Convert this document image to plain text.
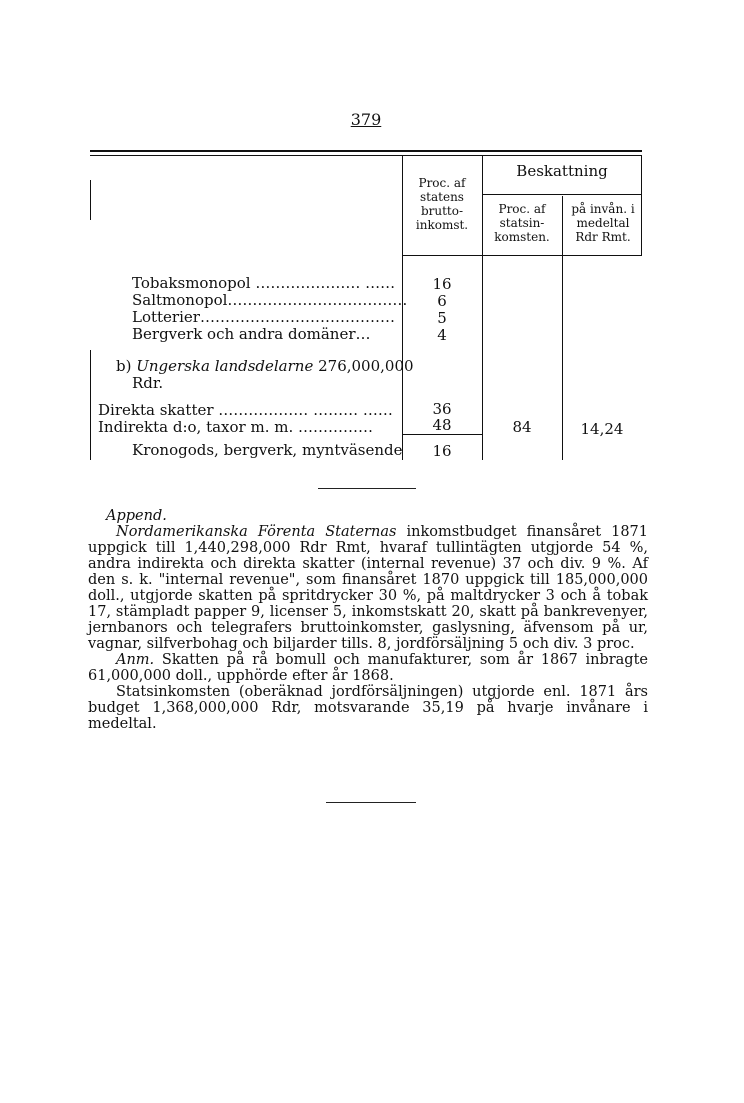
379
Proc. af statens brutto-inkomst.
Beskattning
Proc. af statsin-komsten.
på invån. i medeltal Rdr Rmt.
Tobaksmonopol ………………… ……	16
Saltmonopol………………………………	6
Lotterier…………………………………	5
Bergverk och andra domäner…	4
b) Ungerska landsdelarne 276,000,000
Rdr.
Direkta skatter ……………… ……… ……	36
Indirekta d:o, taxor m. m. ……………	48	84	14,24
Kronogods, bergverk, myntväsende	16

Append.

Nordamerikanska Förenta Staternas inkomstbudget finansåret 1871 uppgick till 1,440,298,000 Rdr Rmt, hvaraf tullintägten utgjorde 54 %, andra indirekta och direkta skatter (internal revenue) 37 och div. 9 %. Af den s. k. "internal revenue", som finansåret 1870 uppgick till 185,000,000 doll., utgjorde skatten på spritdrycker 30 %, på maltdrycker 3 och å tobak 17, stämpladt papper 9, licenser 5, inkomstskatt 20, skatt på bankrevenyer, jernbanors och telegrafers bruttoinkomster, gaslysning, äfvensom på ur, vagnar, silfverbohag och biljarder tills. 8, jordförsäljning 5 och div. 3 proc.

Anm. Skatten på rå bomull och manufakturer, som år 1867 inbragte 61,000,000 doll., upphörde efter år 1868.

Statsinkomsten (oberäknad jordförsäljningen) utgjorde enl. 1871 års budget 1,368,000,000 Rdr, motsvarande 35,19 på hvarje invånare i medeltal.
